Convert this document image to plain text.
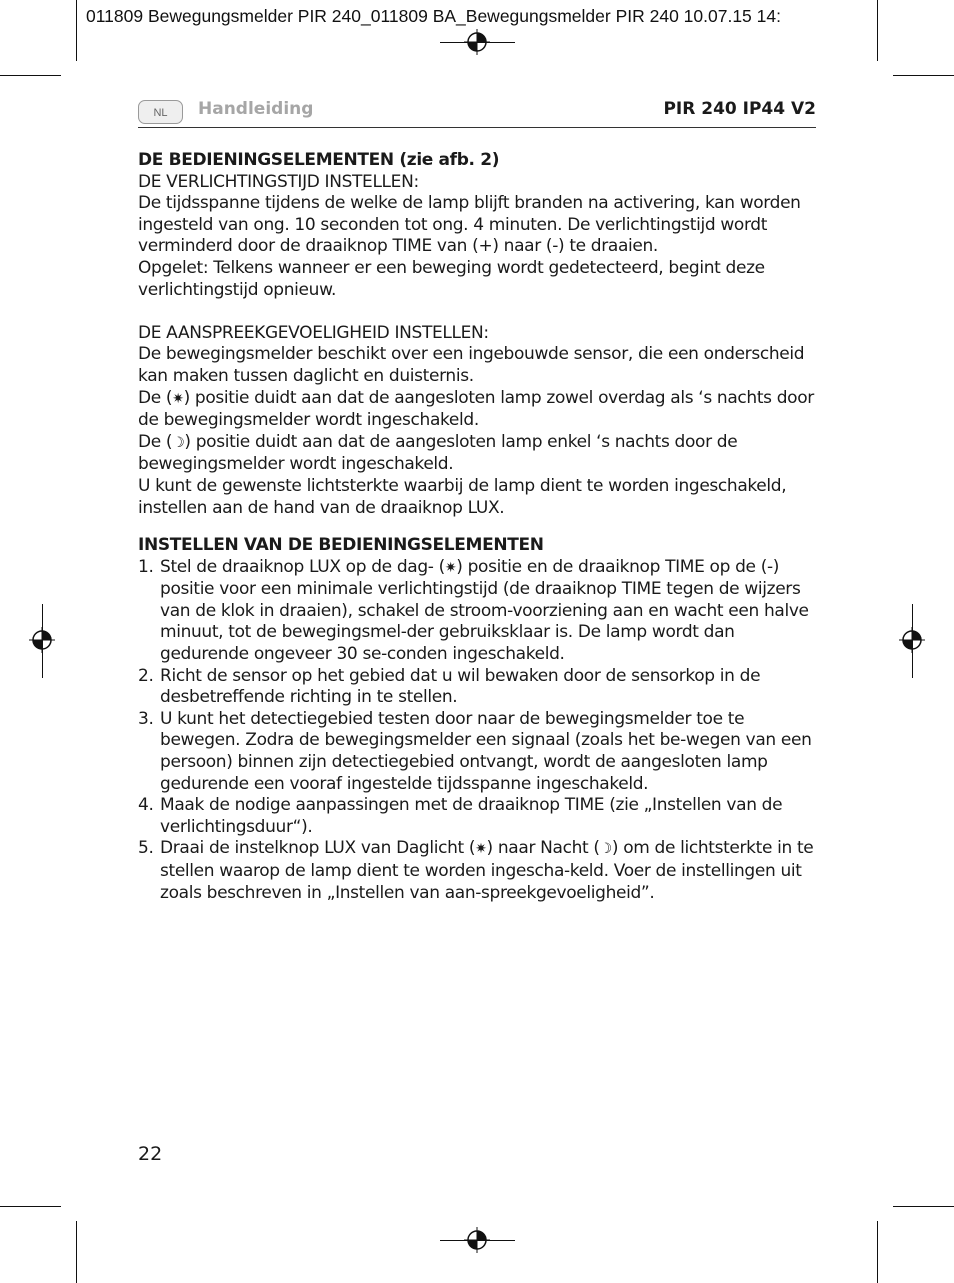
011809 Bewegungsmelder PIR 240_011809 BA_Bewegungsmelder PIR 240 10.07.15 14:
NL	Handleiding	PIR 240 IP44 V2

DE BEDIENINGSELEMENTEN (zie afb. 2)

DE VERLICHTINGSTIJD INSTELLEN:

De tijdsspanne tijdens de welke de lamp blijft branden na activering, kan worden ingesteld van ong. 10 seconden tot ong. 4 minuten. De verlichtingstijd wordt verminderd door de draaiknop TIME van (+) naar (-) te draaien.

Opgelet: Telkens wanneer er een beweging wordt gedetecteerd, begint deze verlichtingstijd opnieuw.

DE AANSPREEKGEVOELIGHEID INSTELLEN:

De bewegingsmelder beschikt over een ingebouwde sensor, die een onderscheid kan maken tussen daglicht en duisternis.

De (✷) positie duidt aan dat de aangesloten lamp zowel overdag als ‘s nachts door de bewegingsmelder wordt ingeschakeld.

De (☽) positie duidt aan dat de aangesloten lamp enkel ‘s nachts door de bewegingsmelder wordt ingeschakeld.

U kunt de gewenste lichtsterkte waarbij de lamp dient te worden ingeschakeld, instellen aan de hand van de draaiknop LUX.

INSTELLEN VAN DE BEDIENINGSELEMENTEN

1. Stel de draaiknop LUX op de dag- (✷) positie en de draaiknop TIME op de (-) positie voor een minimale verlichtingstijd (de draaiknop TIME tegen de wijzers van de klok in draaien), schakel de stroom-voorziening aan en wacht een halve minuut, tot de bewegingsmel-der gebruiksklaar is. De lamp wordt dan gedurende ongeveer 30 se-conden ingeschakeld.
2. Richt de sensor op het gebied dat u wil bewaken door de sensorkop in de desbetreffende richting in te stellen.
3. U kunt het detectiegebied testen door naar de bewegingsmelder toe te bewegen. Zodra de bewegingsmelder een signaal (zoals het be-wegen van een persoon) binnen zijn detectiegebied ontvangt, wordt de aangesloten lamp gedurende een vooraf ingestelde tijdsspanne ingeschakeld.
4. Maak de nodige aanpassingen met de draaiknop TIME (zie „Instellen van de verlichtingsduur“).
5. Draai de instelknop LUX van Daglicht (✷) naar Nacht (☽) om de lichtsterkte in te stellen waarop de lamp dient te worden ingescha-keld. Voer de instellingen uit zoals beschreven in „Instellen van aan-spreekgevoeligheid”.
22
